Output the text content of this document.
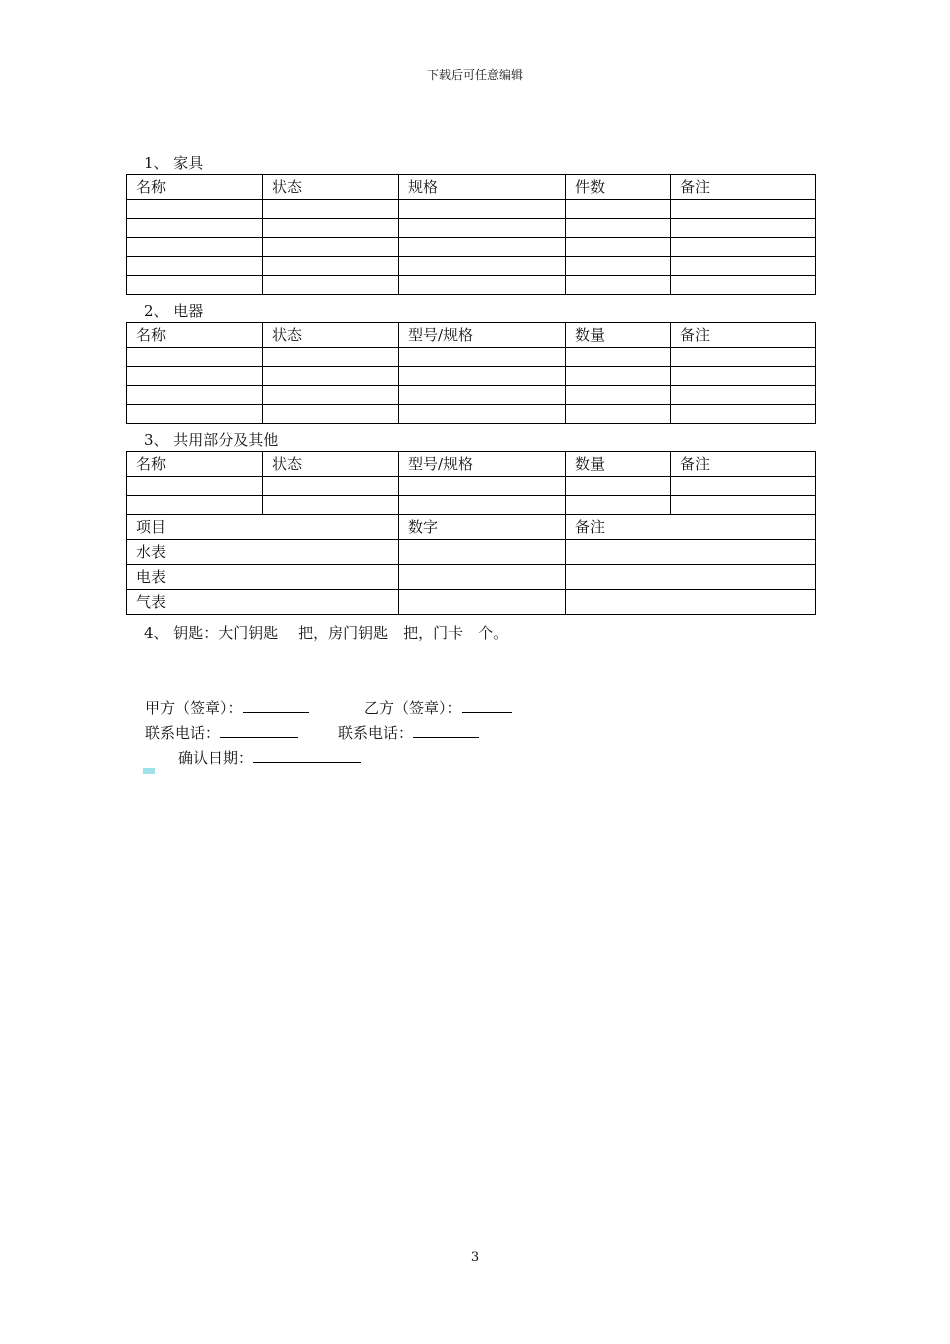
下载后可任意编辑
1、 家具
名称	状态	规格	件数	备注

2、 电器
名称	状态	型号/规格	数量	备注

3、 共用部分及其他
名称	状态	型号/规格	数量	备注

项目		数字	备注	
水表				
电表				
气表				
4、 钥匙：大门钥匙　 把，房门钥匙　把，门卡　个。
甲方（签章）：	乙方（签章）：
联系电话：	联系电话：
确认日期：
3
